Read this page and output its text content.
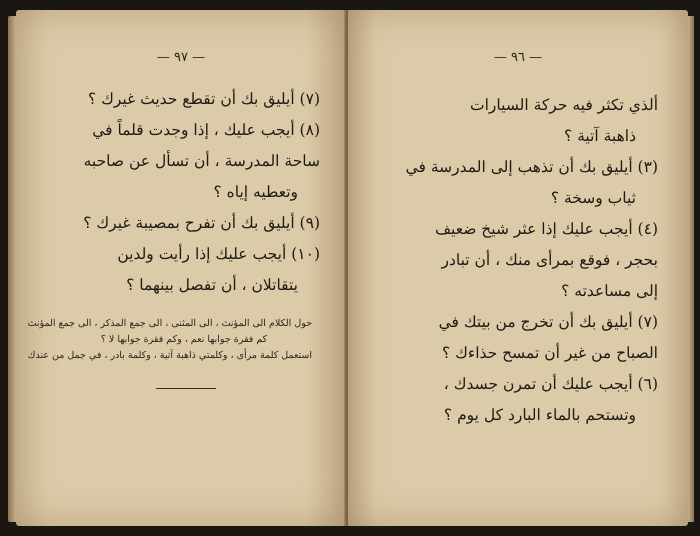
— ٩٧ —
(٧) أيليق بك أن تقطع حديث غيرك ؟
(٨) أيجب عليك ، إذا وجدت قلماً في
ساحة المدرسة ، أن تسأل عن صاحبه
وتعطيه إياه ؟
(٩) أيليق بك أن تفرح بمصيبة غيرك ؟
(١٠) أيجب عليك إذا رأيت ولدين
يتقاتلان ، أن تفصل بينهما ؟
حول الكلام الى المؤنث ، الى المثنى ، الى جمع المذكر ، الى جمع المؤنث
كم فقرة جوابها نعم ، وكم فقرة جوابها لا ؟
استعمل كلمة مرأى ، وكلمتي ذاهبة آتية ، وكلمة بادر ، في جمل من عندك
— ٩٦ —
ألذي تكثر فيه حركة السيارات
ذاهبة آتية ؟
(٣) أيليق بك أن تذهب إلى المدرسة في
ثياب وسخة ؟
(٤) أيجب عليك إذا عثر شيخ ضعيف
بحجر ، فوقع بمرأى منك ، أن تبادر
إلى مساعدته ؟
(٧) أيليق بك أن تخرج من بيتك في
الصباح من غير أن تمسح حذاءك ؟
(٦) أيجب عليك أن تمرن جسدك ،
وتستحم بالماء البارد كل يوم ؟
